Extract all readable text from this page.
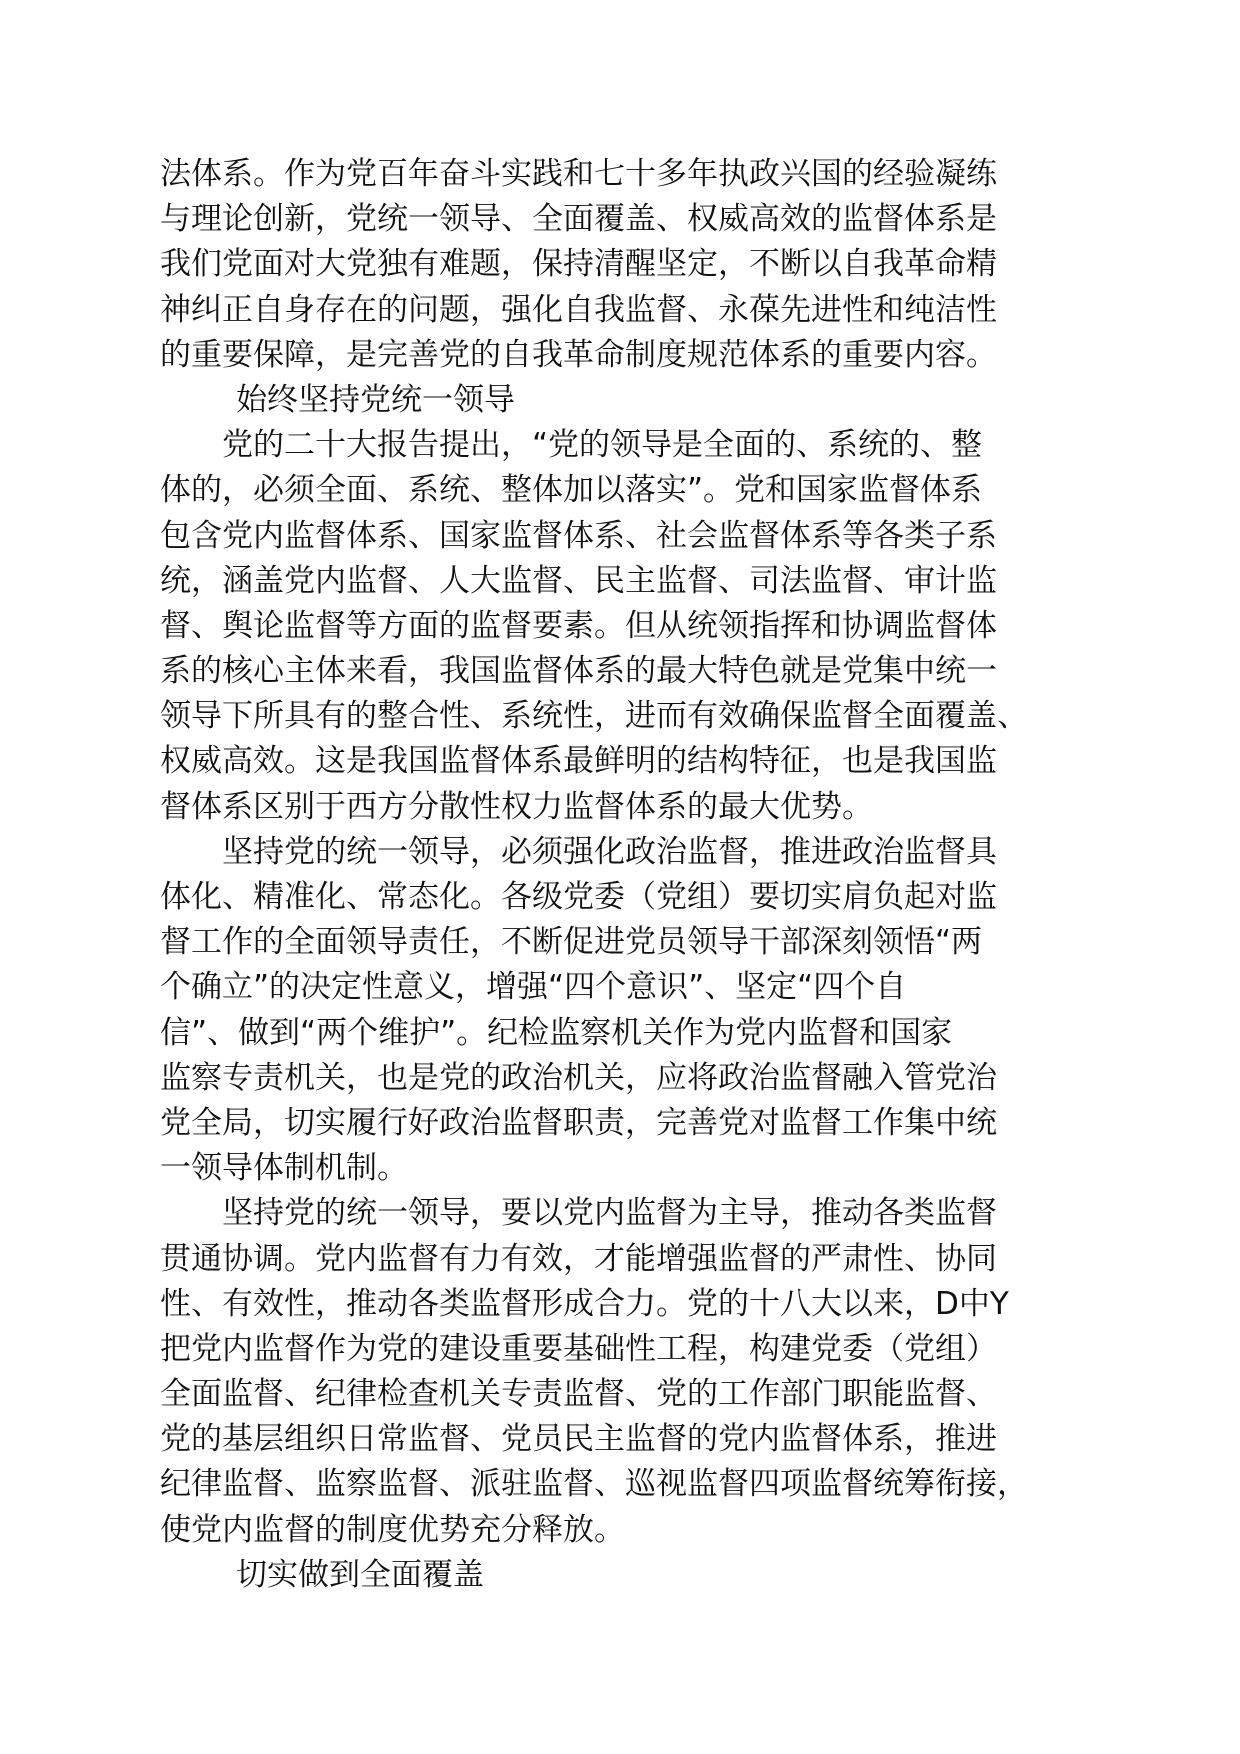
法体系。作为党百年奋斗实践和七十多年执政兴国的经验凝练
与理论创新，党统一领导、全面覆盖、权威高效的监督体系是
我们党面对大党独有难题，保持清醒坚定，不断以自我革命精
神纠正自身存在的问题，强化自我监督、永葆先进性和纯洁性
的重要保障，是完善党的自我革命制度规范体系的重要内容。
始终坚持党统一领导
　　党的二十大报告提出，“党的领导是全面的、系统的、整
体的，必须全面、系统、整体加以落实”。党和国家监督体系
包含党内监督体系、国家监督体系、社会监督体系等各类子系
统，涵盖党内监督、人大监督、民主监督、司法监督、审计监
督、舆论监督等方面的监督要素。但从统领指挥和协调监督体
系的核心主体来看，我国监督体系的最大特色就是党集中统一
领导下所具有的整合性、系统性，进而有效确保监督全面覆盖、
权威高效。这是我国监督体系最鲜明的结构特征，也是我国监
督体系区别于西方分散性权力监督体系的最大优势。
　　坚持党的统一领导，必须强化政治监督，推进政治监督具
体化、精准化、常态化。各级党委（党组）要切实肩负起对监
督工作的全面领导责任，不断促进党员领导干部深刻领悟“两
个确立”的决定性意义，增强“四个意识”、坚定“四个自
信”、做到“两个维护”。纪检监察机关作为党内监督和国家
监察专责机关，也是党的政治机关，应将政治监督融入管党治
党全局，切实履行好政治监督职责，完善党对监督工作集中统
一领导体制机制。
　　坚持党的统一领导，要以党内监督为主导，推动各类监督
贯通协调。党内监督有力有效，才能增强监督的严肃性、协同
性、有效性，推动各类监督形成合力。党的十八大以来，D中Y
把党内监督作为党的建设重要基础性工程，构建党委（党组）
全面监督、纪律检查机关专责监督、党的工作部门职能监督、
党的基层组织日常监督、党员民主监督的党内监督体系，推进
纪律监督、监察监督、派驻监督、巡视监督四项监督统筹衔接，
使党内监督的制度优势充分释放。
切实做到全面覆盖
